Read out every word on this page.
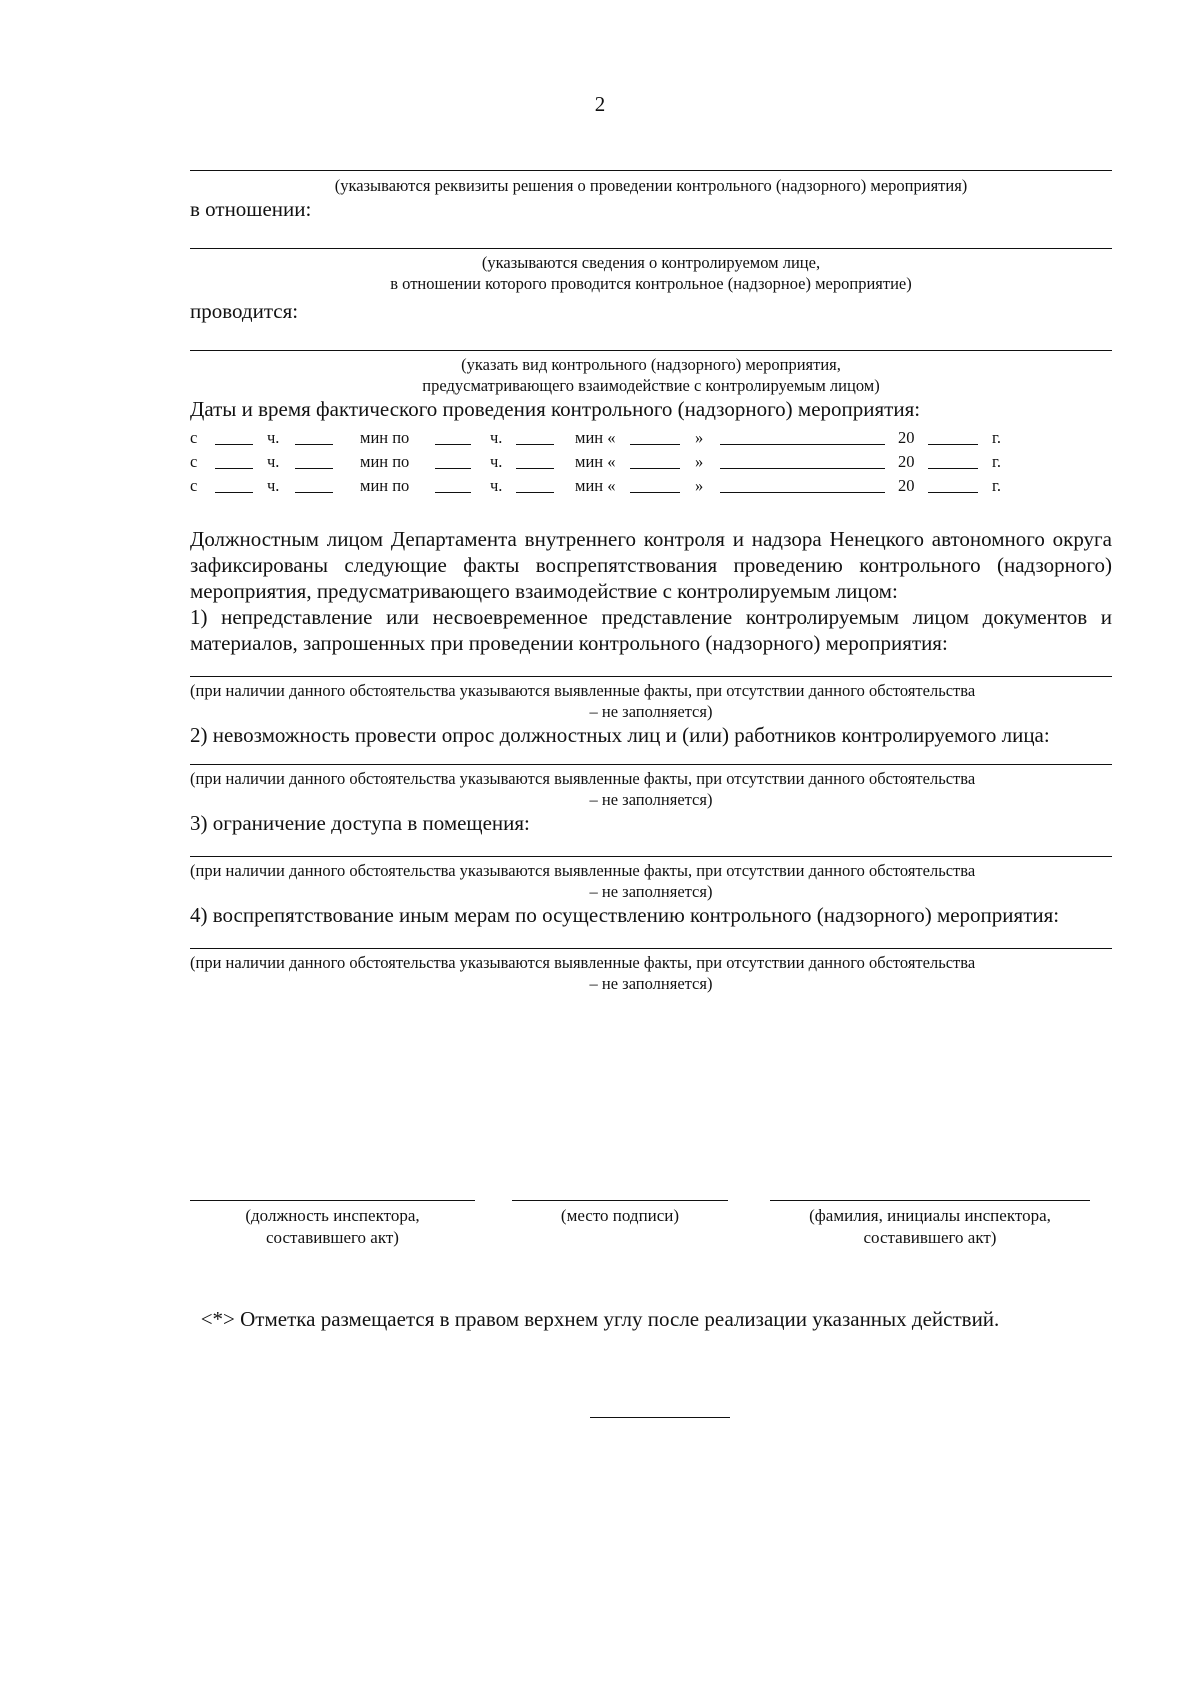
2
(указываются реквизиты решения о проведении контрольного (надзорного) мероприятия)
в отношении:
(указываются сведения о контролируемом лице,
в отношении которого проводится контрольное (надзорное) мероприятие)
проводится:
(указать вид контрольного (надзорного) мероприятия,
предусматривающего взаимодействие с контролируемым лицом)
Даты и время фактического проведения контрольного (надзорного) мероприятия:
с	ч.	мин по	ч.	мин «	»	20	г.
с	ч.	мин по	ч.	мин «	»	20	г.
с	ч.	мин по	ч.	мин «	»	20	г.
Должностным лицом Департамента внутреннего контроля и надзора Ненецкого автономного округа зафиксированы следующие факты воспрепятствования проведению контрольного (надзорного) мероприятия, предусматривающего взаимодействие с контролируемым лицом:
1) непредставление или несвоевременное представление контролируемым лицом документов и материалов, запрошенных при проведении контрольного (надзорного) мероприятия:
(при наличии данного обстоятельства указываются выявленные факты, при отсутствии данного обстоятельства
– не заполняется)
2) невозможность провести опрос должностных лиц и (или) работников контролируемого лица:
(при наличии данного обстоятельства указываются выявленные факты, при отсутствии данного обстоятельства
– не заполняется)
3) ограничение доступа в помещения:
(при наличии данного обстоятельства указываются выявленные факты, при отсутствии данного обстоятельства
– не заполняется)
4) воспрепятствование иным мерам по осуществлению контрольного (надзорного) мероприятия:
(при наличии данного обстоятельства указываются выявленные факты, при отсутствии данного обстоятельства
– не заполняется)
(должность инспектора,
составившего акт)
(место подписи)	(фамилия, инициалы инспектора,
составившего акт)
<*> Отметка размещается в правом верхнем углу после реализации указанных действий.
